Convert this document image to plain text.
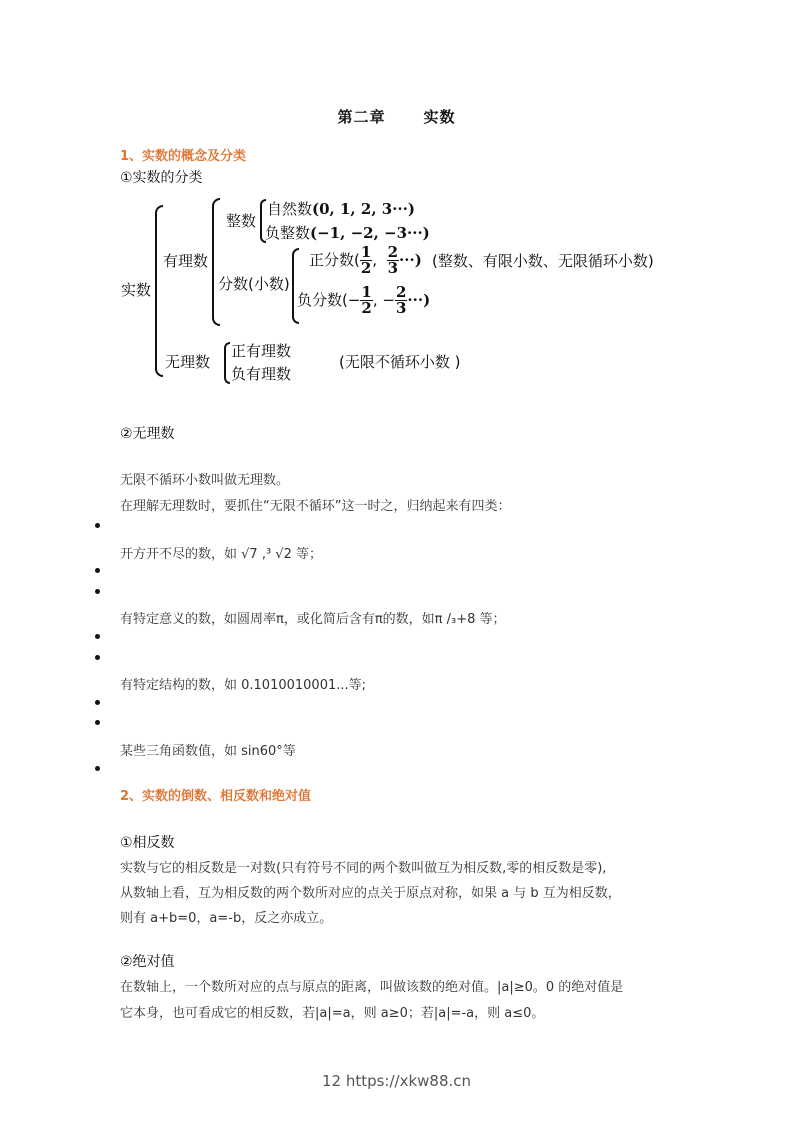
第二章	实数
1、实数的概念及分类
①实数的分类
实数
有理数
整数
自然数(0, 1, 2, 3···)
负整数(−1, −2, −3···)
分数(小数)
正分数( $\frac{1}{2}$ , $\frac{2}{3}$ ···) (整数、有限小数、无限循环小数)
负分数(− $\frac{1}{2}$ , − $\frac{2}{3}$ ···)
无理数
正有理数
负有理数
(无限不循环小数 )
②无理数
无限不循环小数叫做无理数。
在理解无理数时，要抓住“无限不循环”这一时之，归纳起来有四类：
开方开不尽的数，如 √7 ,³ √2 等；
有特定意义的数，如圆周率π，或化简后含有π的数，如π /₃+8 等；
有特定结构的数，如 0.1010010001...等;
某些三角函数值，如 sin60°等
2、实数的倒数、相反数和绝对值
①相反数
实数与它的相反数是一对数(只有符号不同的两个数叫做互为相反数,零的相反数是零),
从数轴上看，互为相反数的两个数所对应的点关于原点对称，如果 a 与 b 互为相反数，
则有 a+b=0，a=-b，反之亦成立。
②绝对值
在数轴上，一个数所对应的点与原点的距离，叫做该数的绝对值。|a|≥0。0 的绝对值是
它本身，也可看成它的相反数，若|a|=a，则 a≥0；若|a|=-a，则 a≤0。
12 https://xkw88.cn
